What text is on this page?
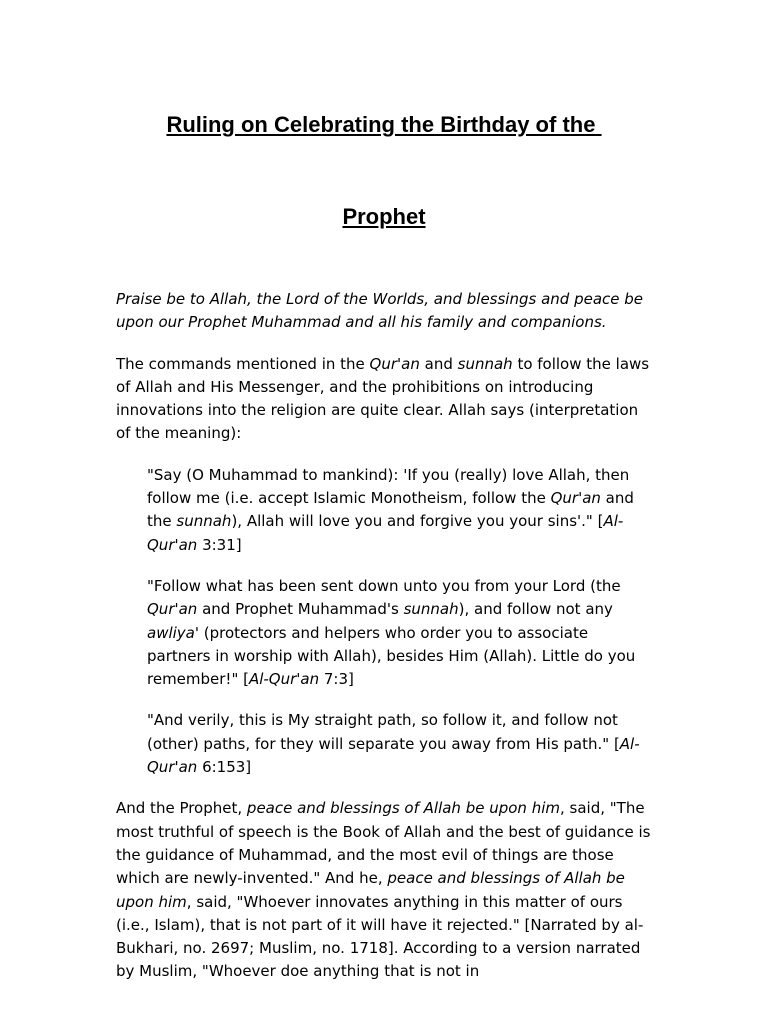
Ruling on Celebrating the Birthday of the
Prophet

Praise be to Allah, the Lord of the Worlds, and blessings and peace be upon our Prophet Muhammad and all his family and companions.

The commands mentioned in the Qur'an and sunnah to follow the laws of Allah and His Messenger, and the prohibitions on introducing innovations into the religion are quite clear. Allah says (interpretation of the meaning):

"Say (O Muhammad to mankind): 'If you (really) love Allah, then follow me (i.e. accept Islamic Monotheism, follow the Qur'an and the sunnah), Allah will love you and forgive you your sins'." [Al-Qur'an 3:31]

"Follow what has been sent down unto you from your Lord (the Qur'an and Prophet Muhammad's sunnah), and follow not any awliya' (protectors and helpers who order you to associate partners in worship with Allah), besides Him (Allah). Little do you remember!" [Al-Qur'an 7:3]

"And verily, this is My straight path, so follow it, and follow not (other) paths, for they will separate you away from His path." [Al-Qur'an 6:153]

And the Prophet, peace and blessings of Allah be upon him, said, "The most truthful of speech is the Book of Allah and the best of guidance is the guidance of Muhammad, and the most evil of things are those which are newly-invented." And he, peace and blessings of Allah be upon him, said, "Whoever innovates anything in this matter of ours (i.e., Islam), that is not part of it will have it rejected." [Narrated by al-Bukhari, no. 2697; Muslim, no. 1718]. According to a version narrated by Muslim, "Whoever doe anything that is not in
